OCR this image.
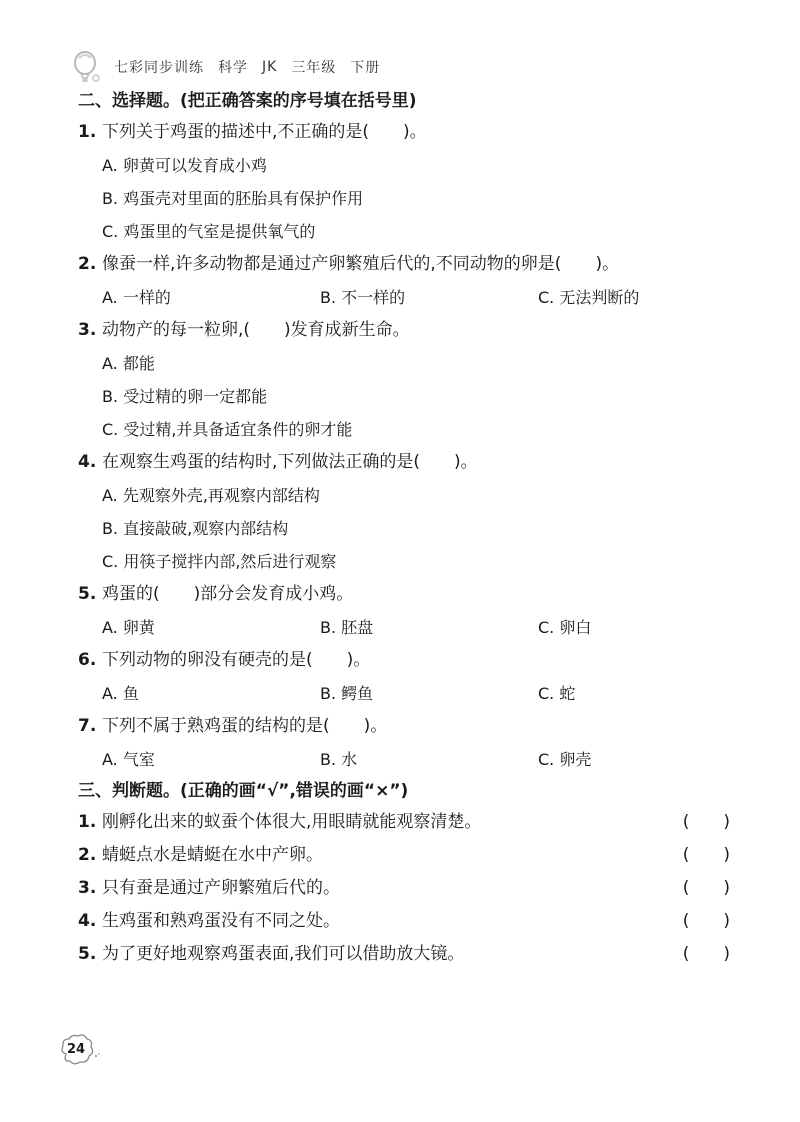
七彩同步训练 科学 JK 三年级 下册
二、选择题。(把正确答案的序号填在括号里)
1. 下列关于鸡蛋的描述中,不正确的是(　　)。
A. 卵黄可以发育成小鸡
B. 鸡蛋壳对里面的胚胎具有保护作用
C. 鸡蛋里的气室是提供氧气的
2. 像蚕一样,许多动物都是通过产卵繁殖后代的,不同动物的卵是(　　)。
A. 一样的	B. 不一样的	C. 无法判断的
3. 动物产的每一粒卵,(　　)发育成新生命。
A. 都能
B. 受过精的卵一定都能
C. 受过精,并具备适宜条件的卵才能
4. 在观察生鸡蛋的结构时,下列做法正确的是(　　)。
A. 先观察外壳,再观察内部结构
B. 直接敲破,观察内部结构
C. 用筷子搅拌内部,然后进行观察
5. 鸡蛋的(　　)部分会发育成小鸡。
A. 卵黄	B. 胚盘	C. 卵白
6. 下列动物的卵没有硬壳的是(　　)。
A. 鱼	B. 鳄鱼	C. 蛇
7. 下列不属于熟鸡蛋的结构的是(　　)。
A. 气室	B. 水	C. 卵壳
三、判断题。(正确的画“√”,错误的画“×”)
1. 刚孵化出来的蚁蚕个体很大,用眼睛就能观察清楚。	(　　)
2. 蜻蜓点水是蜻蜓在水中产卵。	(　　)
3. 只有蚕是通过产卵繁殖后代的。	(　　)
4. 生鸡蛋和熟鸡蛋没有不同之处。	(　　)
5. 为了更好地观察鸡蛋表面,我们可以借助放大镜。	(　　)
24
